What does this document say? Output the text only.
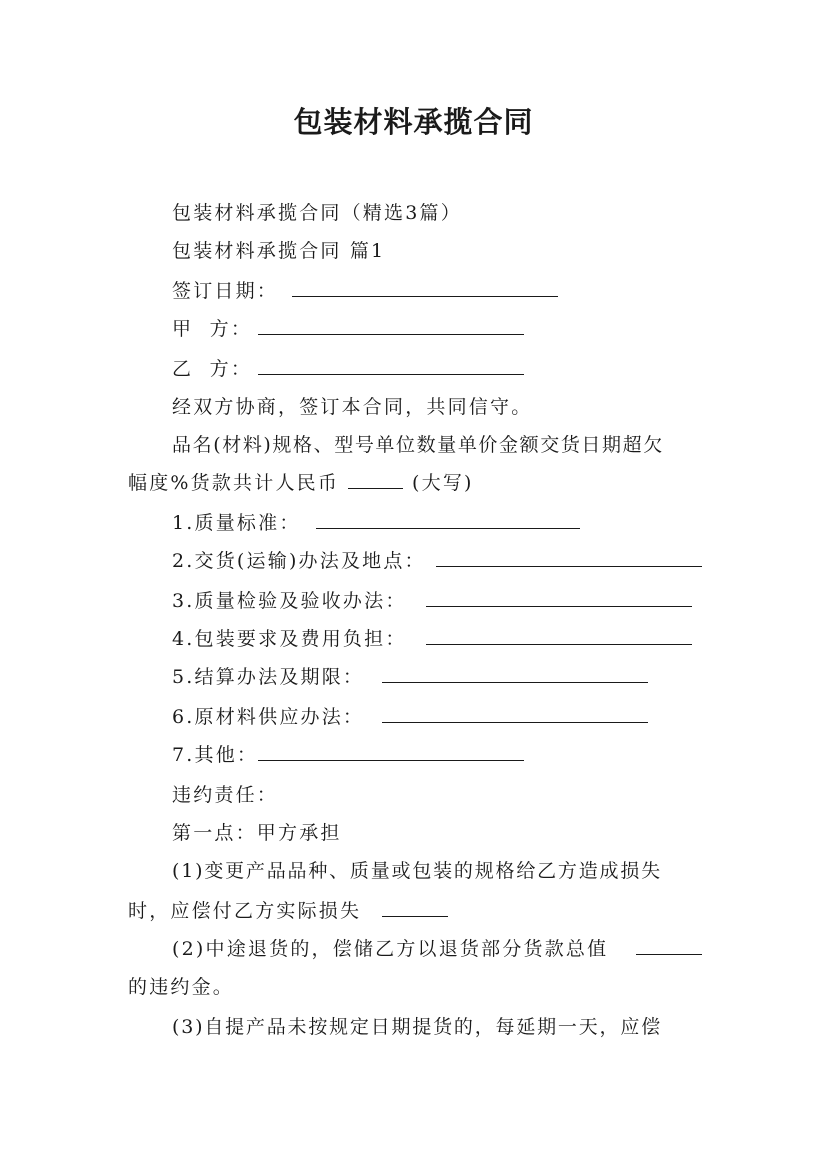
包装材料承揽合同
包装材料承揽合同（精选3篇）
包装材料承揽合同 篇1
签订日期：
甲  方：
乙  方：
经双方协商，签订本合同，共同信守。
品名(材料)规格、型号单位数量单价金额交货日期超欠
幅度%货款共计人民币	(大写)
1.质量标准：
2.交货(运输)办法及地点：
3.质量检验及验收办法：
4.包装要求及费用负担：
5.结算办法及期限：
6.原材料供应办法：
7.其他：
违约责任：
第一点：甲方承担
(1)变更产品品种、质量或包装的规格给乙方造成损失
时，应偿付乙方实际损失
(2)中途退货的，偿储乙方以退货部分货款总值
的违约金。
(3)自提产品未按规定日期提货的，每延期一天，应偿
